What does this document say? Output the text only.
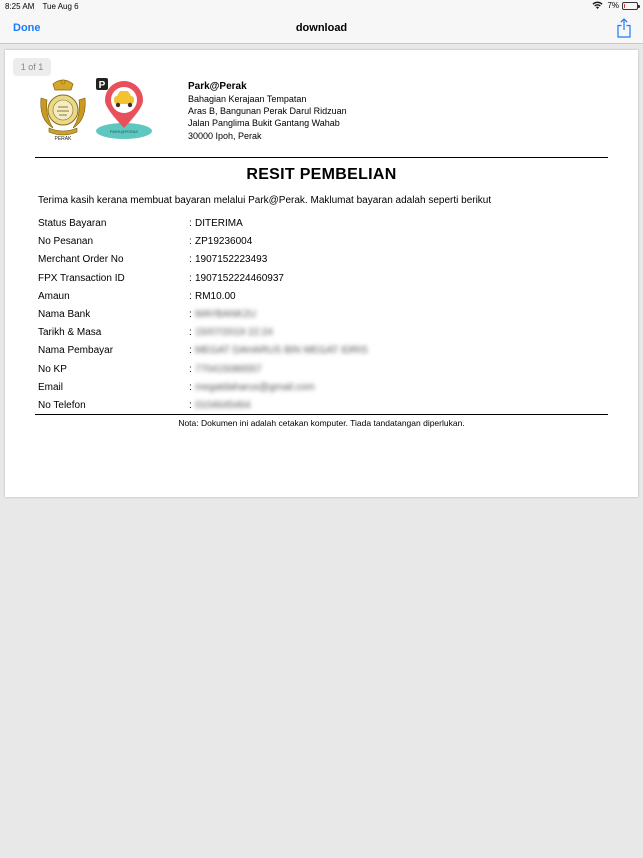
8:25 AM Tue Aug 6	7%
Done	download
1 of 1
PERAK
PARK@PERAK
P	Park@Perak
Bahagian Kerajaan Tempatan
Aras B, Bangunan Perak Darul Ridzuan
Jalan Panglima Bukit Gantang Wahab
30000 Ipoh, Perak
RESIT PEMBELIAN
Terima kasih kerana membuat bayaran melalui Park@Perak. Maklumat bayaran adalah seperti berikut
Status Bayaran	: DITERIMA
No Pesanan	: ZP19236004
Merchant Order No	: 1907152223493
FPX Transaction ID	: 1907152224460937
Amaun	: RM10.00
Nama Bank	: MAYBANK2U
Tarikh & Masa	: 15/07/2019 22:24
Nama Pembayar	: MEGAT DAHARUS BIN MEGAT IDRIS
No KP	: 770415086557
Email	: megatdaharus@gmail.com
No Telefon	: 0104645464
Nota: Dokumen ini adalah cetakan komputer. Tiada tandatangan diperlukan.
